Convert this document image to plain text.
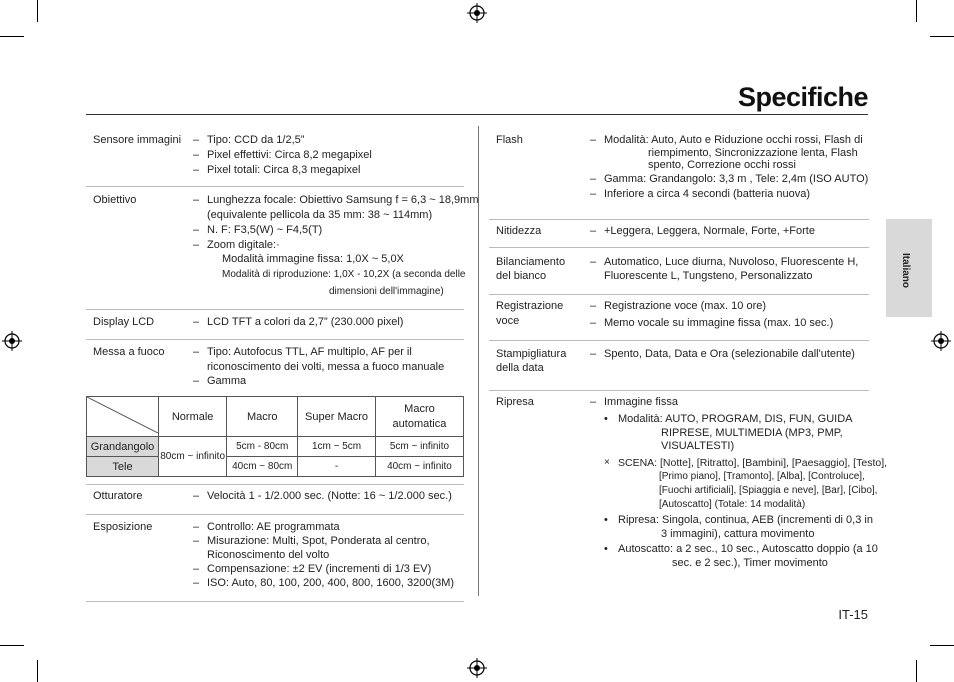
Specifiche
Italiano
Sensore immagini – Tipo: CCD da 1/2,5”
– Pixel effettivi: Circa 8,2 megapixel
– Pixel totali: Circa 8,3 megapixel
Obiettivo	– Lunghezza focale: Obiettivo Samsung f = 6,3 ~ 18,9mm
(equivalente pellicola da 35 mm: 38 ~ 114mm)
– N. F: F3,5(W) ~ F4,5(T)
– Zoom digitale:·
Modalità immagine fissa: 1,0X ~ 5,0X
Modalità di riproduzione: 1,0X - 10,2X (a seconda delle
dimensioni dell'immagine)
Display LCD	– LCD TFT a colori da 2,7” (230.000 pixel)
Messa a fuoco	– Tipo: Autofocus TTL, AF multiplo, AF per il
riconoscimento dei volti, messa a fuoco manuale
– Gamma
	Normale	Macro	Super Macro	Macro
automatica
Grandangolo	80cm ~ infinito	5cm - 80cm	1cm ~ 5cm	5cm ~ infinito
Tele		40cm ~ 80cm	-	40cm ~ infinito
Otturatore	– Velocità 1 - 1/2.000 sec. (Notte: 16 ~ 1/2.000 sec.)
Esposizione	– Controllo: AE programmata
– Misurazione: Multi, Spot, Ponderata al centro,
Riconoscimento del volto
– Compensazione: ±2 EV (incrementi di 1/3 EV)
– ISO: Auto, 80, 100, 200, 400, 800, 1600, 3200(3M)
Flash	– Modalità: Auto, Auto e Riduzione occhi rossi, Flash di
riempimento, Sincronizzazione lenta, Flash
spento, Correzione occhi rossi
– Gamma: Grandangolo: 3,3 m , Tele: 2,4m (ISO AUTO)
– Inferiore a circa 4 secondi (batteria nuova)
Nitidezza	– +Leggera, Leggera, Normale, Forte, +Forte
Bilanciamento
del bianco
– Automatico, Luce diurna, Nuvoloso, Fluorescente H,
Fluorescente L, Tungsteno, Personalizzato
Registrazione
voce
– Registrazione voce (max. 10 ore)
– Memo vocale su immagine fissa (max. 10 sec.)
Stampigliatura
della data
– Spento, Data, Data e Ora (selezionabile dall'utente)
Ripresa	– Immagine fissa
• Modalità: AUTO, PROGRAM, DIS, FUN, GUIDA
RIPRESE, MULTIMEDIA (MP3, PMP,
VISUALTESTI)
× SCENA: [Notte], [Ritratto], [Bambini], [Paesaggio], [Testo],
[Primo piano], [Tramonto], [Alba], [Controluce],
[Fuochi artificiali], [Spiaggia e neve], [Bar], [Cibo],
[Autoscatto] (Totale: 14 modalità)
• Ripresa: Singola, continua, AEB (incrementi di 0,3 in
3 immagini), cattura movimento
• Autoscatto: a 2 sec., 10 sec., Autoscatto doppio (a 10
sec. e 2 sec.), Timer movimento
IT-15
